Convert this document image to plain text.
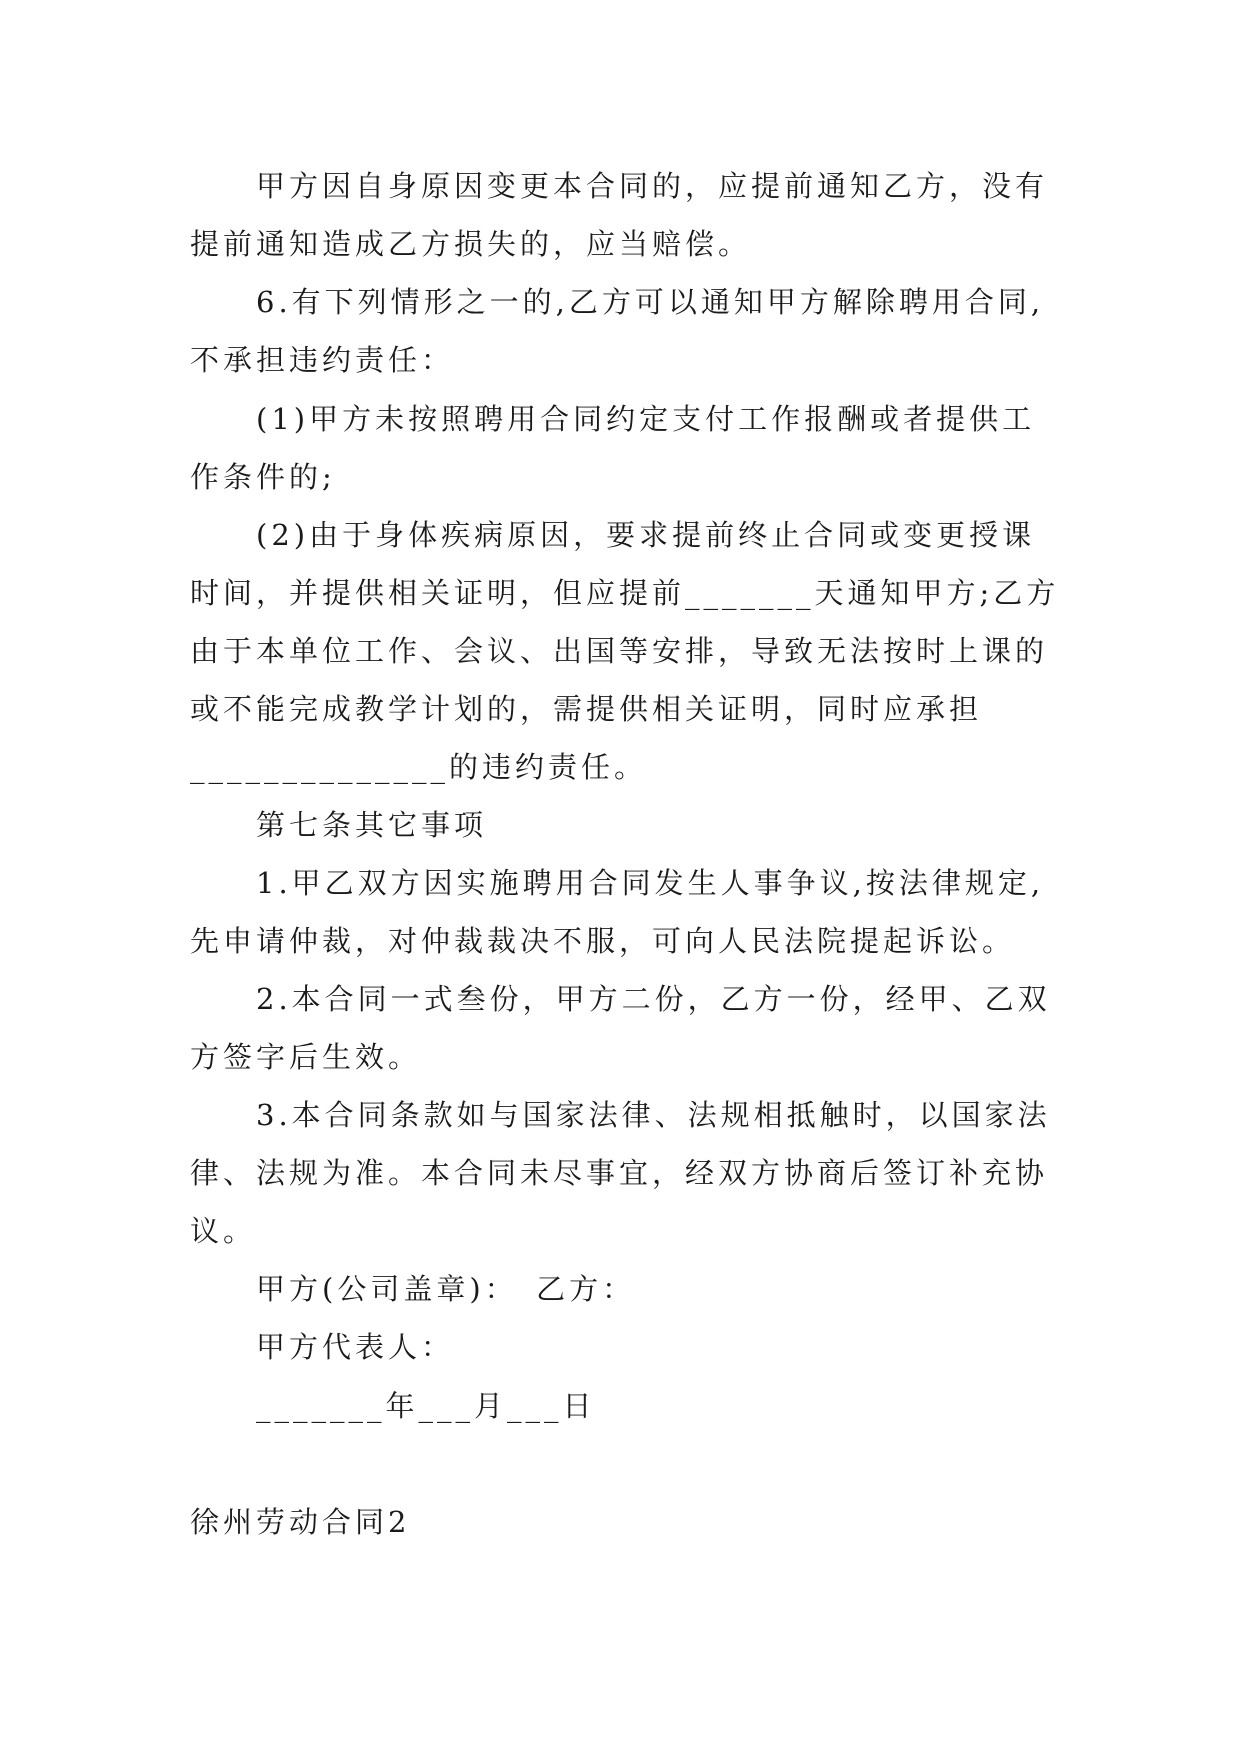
甲方因自身原因变更本合同的，应提前通知乙方，没有
提前通知造成乙方损失的，应当赔偿。
6.有下列情形之一的,乙方可以通知甲方解除聘用合同,
不承担违约责任：
(1)甲方未按照聘用合同约定支付工作报酬或者提供工
作条件的;
(2)由于身体疾病原因，要求提前终止合同或变更授课
时间，并提供相关证明，但应提前_______天通知甲方;乙方
由于本单位工作、会议、出国等安排，导致无法按时上课的
或不能完成教学计划的，需提供相关证明，同时应承担
______________的违约责任。
第七条其它事项
1.甲乙双方因实施聘用合同发生人事争议,按法律规定,
先申请仲裁，对仲裁裁决不服，可向人民法院提起诉讼。
2.本合同一式叁份，甲方二份，乙方一份，经甲、乙双
方签字后生效。
3.本合同条款如与国家法律、法规相抵触时，以国家法
律、法规为准。本合同未尽事宜，经双方协商后签订补充协
议。
甲方(公司盖章)：　乙方：
甲方代表人：
_______年___月___日
徐州劳动合同2
